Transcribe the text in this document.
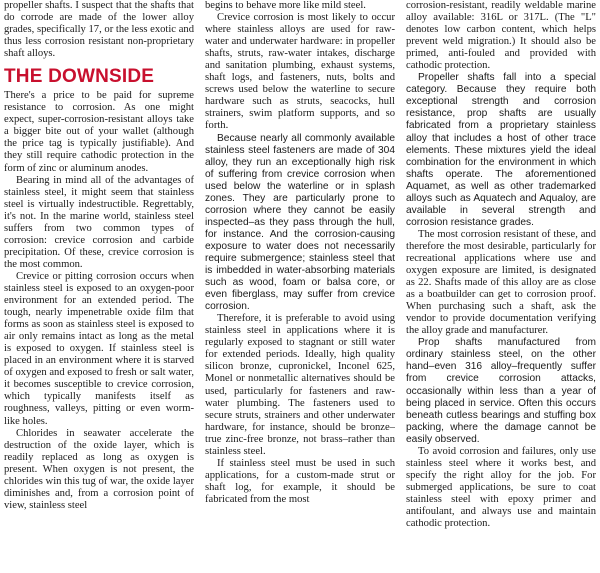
propeller shafts. I suspect that the shafts that do corrode are made of the lower alloy grades, specifically 17, or the less exotic and thus less corrosion resistant non-proprietary shaft alloys.

THE DOWNSIDE

There's a price to be paid for supreme resistance to corrosion. As one might expect, super-corrosion-resistant alloys take a bigger bite out of your wallet (although the price tag is typically justifiable). And they still require cathodic protection in the form of zinc or aluminum anodes.

Bearing in mind all of the advantages of stainless steel, it might seem that stainless steel is virtually indestructible. Regrettably, it's not. In the marine world, stainless steel suffers from two common types of corrosion: crevice corrosion and carbide precipitation. Of these, crevice corrosion is the most common.

Crevice or pitting corrosion occurs when stainless steel is exposed to an oxygen-poor environment for an extended period. The tough, nearly impenetrable oxide film that forms as soon as stainless steel is exposed to air only remains intact as long as the metal is exposed to oxygen. If stainless steel is placed in an environment where it is starved of oxygen and exposed to fresh or salt water, it becomes susceptible to crevice corrosion, which typically manifests itself as roughness, valleys, pitting or even worm-like holes.

Chlorides in seawater accelerate the destruction of the oxide layer, which is readily replaced as long as oxygen is present. When oxygen is not present, the chlorides win this tug of war, the oxide layer diminishes and, from a corrosion point of view, stainless steel

begins to behave more like mild steel.

Crevice corrosion is most likely to occur where stainless alloys are used for raw-water and underwater hardware: in propeller shafts, struts, raw-water intakes, discharge and sanitation plumbing, exhaust systems, shaft logs, and fasteners, nuts, bolts and screws used below the waterline to secure hardware such as struts, seacocks, hull strainers, swim platform supports, and so forth.

Because nearly all commonly available stainless steel fasteners are made of 304 alloy, they run an exceptionally high risk of suffering from crevice corrosion when used below the waterline or in splash zones. They are particularly prone to corrosion where they cannot be easily inspected–as they pass through the hull, for instance. And the corrosion-causing exposure to water does not necessarily require submergence; stainless steel that is imbedded in water-absorbing materials such as wood, foam or balsa core, or even fiberglass, may suffer from crevice corrosion.

Therefore, it is preferable to avoid using stainless steel in applications where it is regularly exposed to stagnant or still water for extended periods. Ideally, high quality silicon bronze, cupronickel, Inconel 625, Monel or nonmetallic alternatives should be used, particularly for fasteners and raw-water plumbing. The fasteners used to secure struts, strainers and other underwater hardware, for instance, should be bronze–true zinc-free bronze, not brass–rather than stainless steel.

If stainless steel must be used in such applications, for a custom-made strut or shaft log, for example, it should be fabricated from the most

corrosion-resistant, readily weldable marine alloy available: 316L or 317L. (The "L" denotes low carbon content, which helps prevent weld migration.) It should also be primed, anti-fouled and provided with cathodic protection.

Propeller shafts fall into a special category. Because they require both exceptional strength and corrosion resistance, prop shafts are usually fabricated from a proprietary stainless alloy that includes a host of other trace elements. These mixtures yield the ideal combination for the environment in which shafts operate. The aforementioned Aquamet, as well as other trademarked alloys such as Aquatech and Aqualoy, are available in several strength and corrosion resistance grades.

The most corrosion resistant of these, and therefore the most desirable, particularly for recreational applications where use and oxygen exposure are limited, is designated as 22. Shafts made of this alloy are as close as a boatbuilder can get to corrosion proof. When purchasing such a shaft, ask the vendor to provide documentation verifying the alloy grade and manufacturer.

Prop shafts manufactured from ordinary stainless steel, on the other hand–even 316 alloy–frequently suffer from crevice corrosion attacks, occasionally within less than a year of being placed in service. Often this occurs beneath cutless bearings and stuffing box packing, where the damage cannot be easily observed.

To avoid corrosion and failures, only use stainless steel where it works best, and specify the right alloy for the job. For submerged applications, be sure to coat stainless steel with epoxy primer and antifoulant, and always use and maintain cathodic protection.
